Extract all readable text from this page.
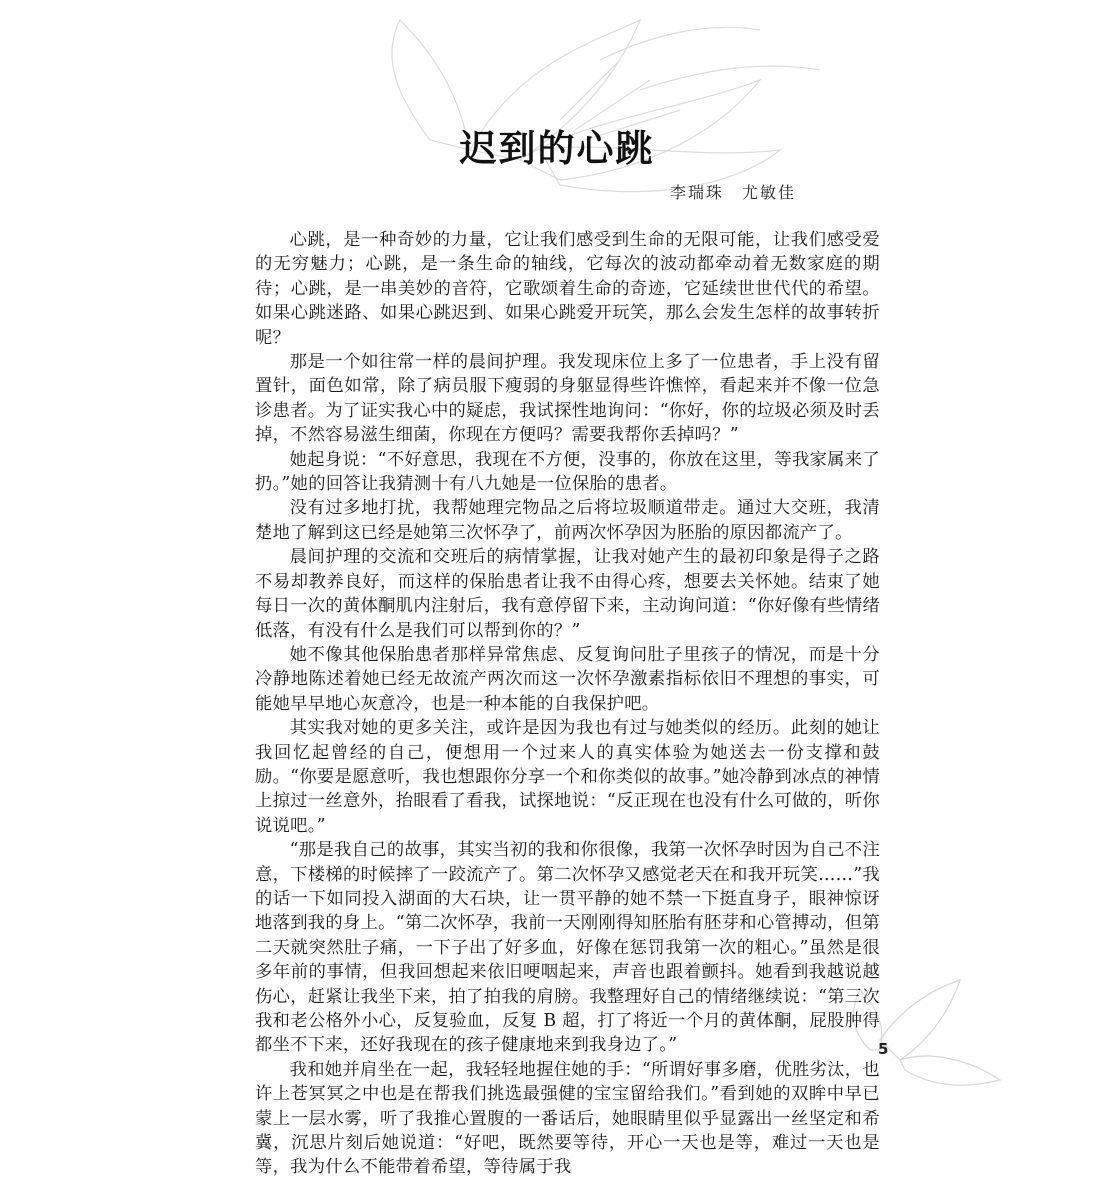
迟到的心跳
李瑞珠　尤敏佳

心跳，是一种奇妙的力量，它让我们感受到生命的无限可能，让我们感受爱的无穷魅力；心跳，是一条生命的轴线，它每次的波动都牵动着无数家庭的期待；心跳，是一串美妙的音符，它歌颂着生命的奇迹，它延续世世代代的希望。如果心跳迷路、如果心跳迟到、如果心跳爱开玩笑，那么会发生怎样的故事转折呢？

那是一个如往常一样的晨间护理。我发现床位上多了一位患者，手上没有留置针，面色如常，除了病员服下瘦弱的身躯显得些许憔悴，看起来并不像一位急诊患者。为了证实我心中的疑虑，我试探性地询问：“你好，你的垃圾必须及时丢掉，不然容易滋生细菌，你现在方便吗？需要我帮你丢掉吗？”

她起身说：“不好意思，我现在不方便，没事的，你放在这里，等我家属来了扔。”她的回答让我猜测十有八九她是一位保胎的患者。

没有过多地打扰，我帮她理完物品之后将垃圾顺道带走。通过大交班，我清楚地了解到这已经是她第三次怀孕了，前两次怀孕因为胚胎的原因都流产了。

晨间护理的交流和交班后的病情掌握，让我对她产生的最初印象是得子之路不易却教养良好，而这样的保胎患者让我不由得心疼，想要去关怀她。结束了她每日一次的黄体酮肌内注射后，我有意停留下来，主动询问道：“你好像有些情绪低落，有没有什么是我们可以帮到你的？”

她不像其他保胎患者那样异常焦虑、反复询问肚子里孩子的情况，而是十分冷静地陈述着她已经无故流产两次而这一次怀孕激素指标依旧不理想的事实，可能她早早地心灰意冷，也是一种本能的自我保护吧。

其实我对她的更多关注，或许是因为我也有过与她类似的经历。此刻的她让我回忆起曾经的自己，便想用一个过来人的真实体验为她送去一份支撑和鼓励。“你要是愿意听，我也想跟你分享一个和你类似的故事。”她冷静到冰点的神情上掠过一丝意外，抬眼看了看我，试探地说：“反正现在也没有什么可做的，听你说说吧。”

“那是我自己的故事，其实当初的我和你很像，我第一次怀孕时因为自己不注意，下楼梯的时候摔了一跤流产了。第二次怀孕又感觉老天在和我开玩笑……”我的话一下如同投入湖面的大石块，让一贯平静的她不禁一下挺直身子，眼神惊讶地落到我的身上。“第二次怀孕，我前一天刚刚得知胚胎有胚芽和心管搏动，但第二天就突然肚子痛，一下子出了好多血，好像在惩罚我第一次的粗心。”虽然是很多年前的事情，但我回想起来依旧哽咽起来，声音也跟着颤抖。她看到我越说越伤心，赶紧让我坐下来，拍了拍我的肩膀。我整理好自己的情绪继续说：“第三次我和老公格外小心，反复验血，反复 B 超，打了将近一个月的黄体酮，屁股肿得都坐不下来，还好我现在的孩子健康地来到我身边了。”

我和她并肩坐在一起，我轻轻地握住她的手：“所谓好事多磨，优胜劣汰，也许上苍冥冥之中也是在帮我们挑选最强健的宝宝留给我们。”看到她的双眸中早已蒙上一层水雾，听了我推心置腹的一番话后，她眼睛里似乎显露出一丝坚定和希冀，沉思片刻后她说道：“好吧，既然要等待，开心一天也是等，难过一天也是等，我为什么不能带着希望，等待属于我

5
